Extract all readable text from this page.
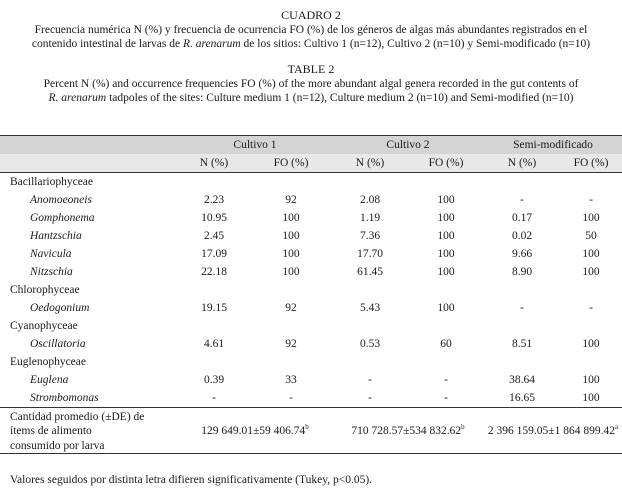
CUADRO 2
Frecuencia numérica N (%) y frecuencia de ocurrencia FO (%) de los géneros de algas más abundantes registrados en el
contenido intestinal de larvas de R. arenarum de los sitios: Cultivo 1 (n=12), Cultivo 2 (n=10) y Semi-modificado (n=10)
TABLE 2
Percent N (%) and occurrence frequencies FO (%) of the more abundant algal genera recorded in the gut contents of
R. arenarum tadpoles of the sites: Culture medium 1 (n=12), Culture medium 2 (n=10) and Semi-modified (n=10)
	Cultivo 1		Cultivo 2		Semi-modificado	
	N (%)	FO (%)	N (%)	FO (%)	N (%)	FO (%)
Bacillariophyceae						
Anomoeoneis	2.23	92	2.08	100	-	-
Gomphonema	10.95	100	1.19	100	0.17	100
Hantzschia	2.45	100	7.36	100	0.02	50
Navicula	17.09	100	17.70	100	9.66	100
Nitzschia	22.18	100	61.45	100	8.90	100
Chlorophyceae						
Oedogonium	19.15	92	5.43	100	-	-
Cyanophyceae						
Oscillatoria	4.61	92	0.53	60	8.51	100
Euglenophyceae						
Euglena	0.39	33	-	-	38.64	100
Strombomonas	-	-	-	-	16.65	100

Cantidad promedio (±DE) de
ítems de alimento
consumido por larva	129 649.01±59 406.74$^b$		710 728.57±534 832.62$^b$		2 396 159.05±1 864 899.42$^a$
Valores seguidos por distinta letra difieren significativamente (Tukey, p<0.05).
